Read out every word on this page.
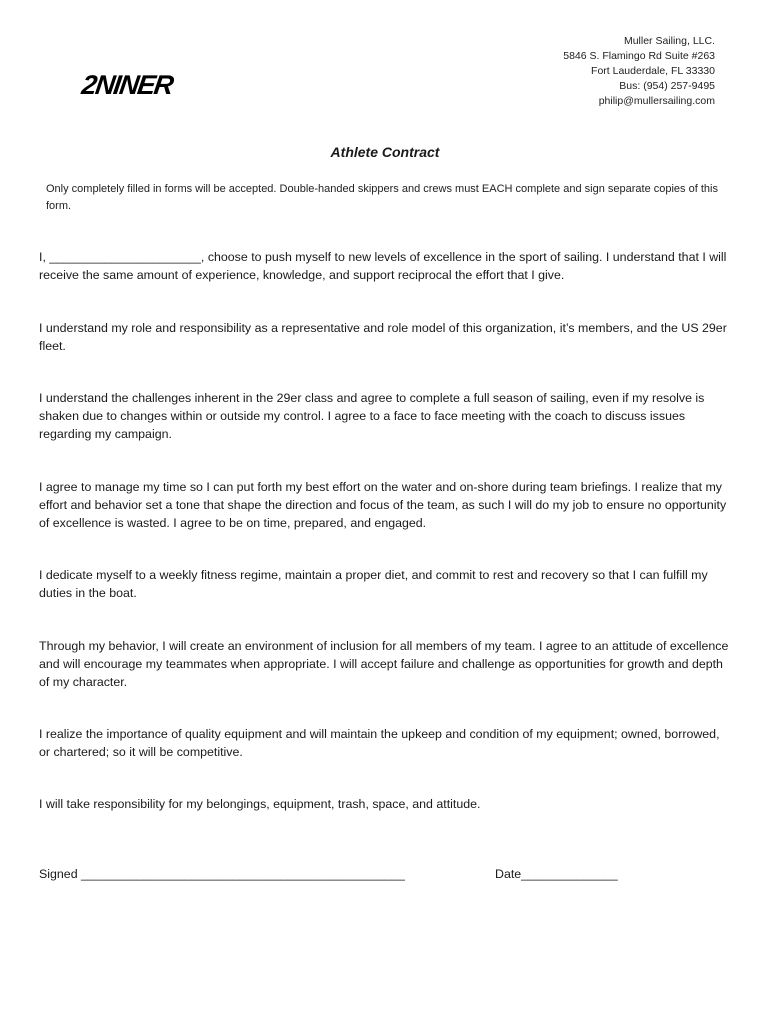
2NINER
Muller Sailing, LLC.
5846 S. Flamingo Rd Suite #263
Fort Lauderdale, FL 33330
Bus: (954) 257-9495
philip@mullersailing.com
Athlete Contract
Only completely filled in forms will be accepted. Double-handed skippers and crews must EACH complete and sign separate copies of this form.
I, ______________________, choose to push myself to new levels of excellence in the sport of sailing. I understand that I will receive the same amount of experience, knowledge, and support reciprocal the effort that I give.
I understand my role and responsibility as a representative and role model of this organization, it’s members, and the US 29er fleet.
I understand the challenges inherent in the 29er class and agree to complete a full season of sailing, even if my resolve is shaken due to changes within or outside my control. I agree to a face to face meeting with the coach to discuss issues regarding my campaign.
I agree to manage my time so I can put forth my best effort on the water and on-shore during team briefings. I realize that my effort and behavior set a tone that shape the direction and focus of the team, as such I will do my job to ensure no opportunity of excellence is wasted. I agree to be on time, prepared, and engaged.
I dedicate myself to a weekly fitness regime, maintain a proper diet, and commit to rest and recovery so that I can fulfill my duties in the boat.
Through my behavior, I will create an environment of inclusion for all members of my team. I agree to an attitude of excellence and will encourage my teammates when appropriate. I will accept failure and challenge as opportunities for growth and depth of my character.
I realize the importance of quality equipment and will maintain the upkeep and condition of my equipment; owned, borrowed, or chartered; so it will be competitive.
I will take responsibility for my belongings, equipment, trash, space, and attitude.
Signed _______________________________________________	Date______________
